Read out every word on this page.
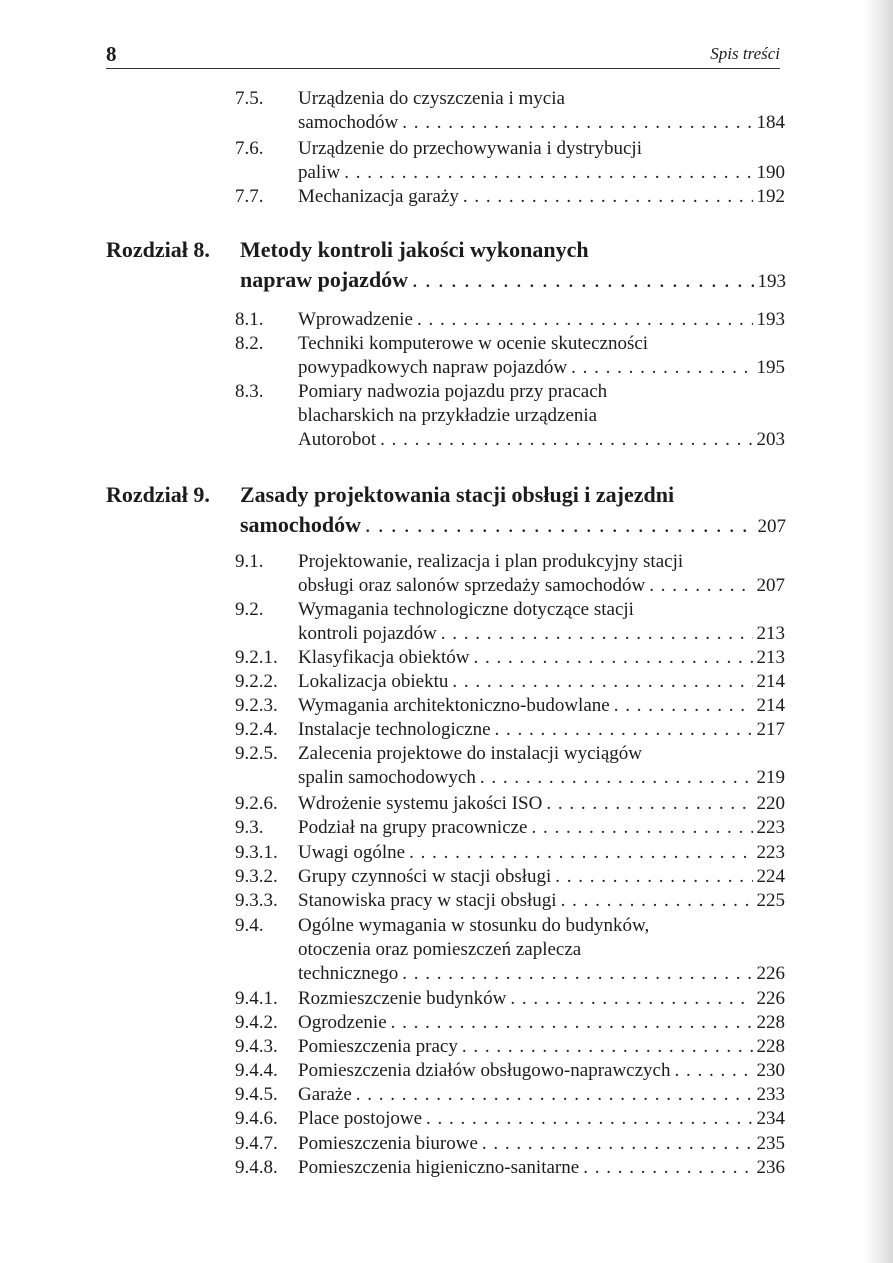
8	Spis treści
7.5. Urządzenia do czyszczenia i mycia
samochodów . . .	184
7.6. Urządzenie do przechowywania i dystrybucji
paliw . . .	190
7.7. Mechanizacja garaży . . .	192
Rozdział 8. Metody kontroli jakości wykonanych
napraw pojazdów . . .	193
8.1. Wprowadzenie . . .	193
8.2. Techniki komputerowe w ocenie skuteczności
powypadkowych napraw pojazdów . . .	195
8.3. Pomiary nadwozia pojazdu przy pracach
blacharskich na przykładzie urządzenia
Autorobot . . .	203
Rozdział 9. Zasady projektowania stacji obsługi i zajezdni
samochodów . . .	207
9.1. Projektowanie, realizacja i plan produkcyjny stacji
obsługi oraz salonów sprzedaży samochodów . . .	207
9.2. Wymagania technologiczne dotyczące stacji
kontroli pojazdów . . .	213
9.2.1. Klasyfikacja obiektów . . .	213
9.2.2. Lokalizacja obiektu . . .	214
9.2.3. Wymagania architektoniczno-budowlane . . .	214
9.2.4. Instalacje technologiczne . . .	217
9.2.5. Zalecenia projektowe do instalacji wyciągów
spalin samochodowych . . .	219
9.2.6. Wdrożenie systemu jakości ISO . . .	220
9.3. Podział na grupy pracownicze . . .	223
9.3.1. Uwagi ogólne . . .	223
9.3.2. Grupy czynności w stacji obsługi . . .	224
9.3.3. Stanowiska pracy w stacji obsługi . . .	225
9.4. Ogólne wymagania w stosunku do budynków,
otoczenia oraz pomieszczeń zaplecza
technicznego . . .	226
9.4.1. Rozmieszczenie budynków . . .	226
9.4.2. Ogrodzenie . . .	228
9.4.3. Pomieszczenia pracy . . .	228
9.4.4. Pomieszczenia działów obsługowo-naprawczych . . .	230
9.4.5. Garaże . . .	233
9.4.6. Place postojowe . . .	234
9.4.7. Pomieszczenia biurowe . . .	235
9.4.8. Pomieszczenia higieniczno-sanitarne . . .	236
